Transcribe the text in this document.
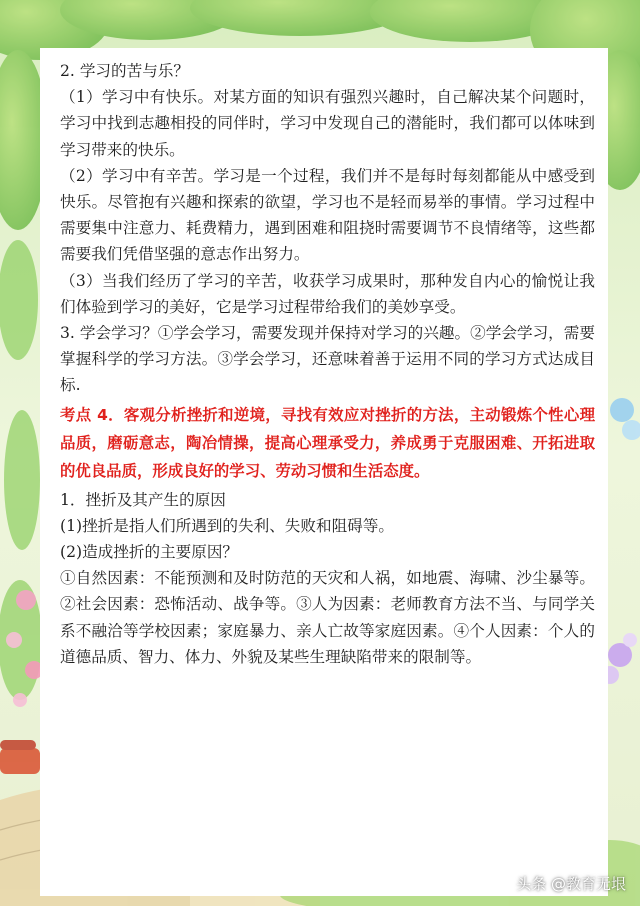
2. 学习的苦与乐？

（1）学习中有快乐。对某方面的知识有强烈兴趣时，自己解决某个问题时，学习中找到志趣相投的同伴时，学习中发现自己的潜能时，我们都可以体味到学习带来的快乐。

（2）学习中有辛苦。学习是一个过程，我们并不是每时每刻都能从中感受到快乐。尽管抱有兴趣和探索的欲望，学习也不是轻而易举的事情。学习过程中需要集中注意力、耗费精力，遇到困难和阻挠时需要调节不良情绪等，这些都需要我们凭借坚强的意志作出努力。

（3）当我们经历了学习的辛苦，收获学习成果时，那种发自内心的愉悦让我们体验到学习的美好，它是学习过程带给我们的美妙享受。

3. 学会学习？①学会学习，需要发现并保持对学习的兴趣。②学会学习，需要掌握科学的学习方法。③学会学习，还意味着善于运用不同的学习方式达成目标.

考点 4．客观分析挫折和逆境，寻找有效应对挫折的方法，主动锻炼个性心理品质，磨砺意志，陶冶情操，提高心理承受力，养成勇于克服困难、开拓进取的优良品质，形成良好的学习、劳动习惯和生活态度。

1．挫折及其产生的原因

(1)挫折是指人们所遇到的失利、失败和阻碍等。

(2)造成挫折的主要原因？

①自然因素：不能预测和及时防范的天灾和人祸，如地震、海啸、沙尘暴等。②社会因素：恐怖活动、战争等。③人为因素：老师教育方法不当、与同学关系不融洽等学校因素；家庭暴力、亲人亡故等家庭因素。④个人因素：个人的道德品质、智力、体力、外貌及某些生理缺陷带来的限制等。

头条 @教育无垠
